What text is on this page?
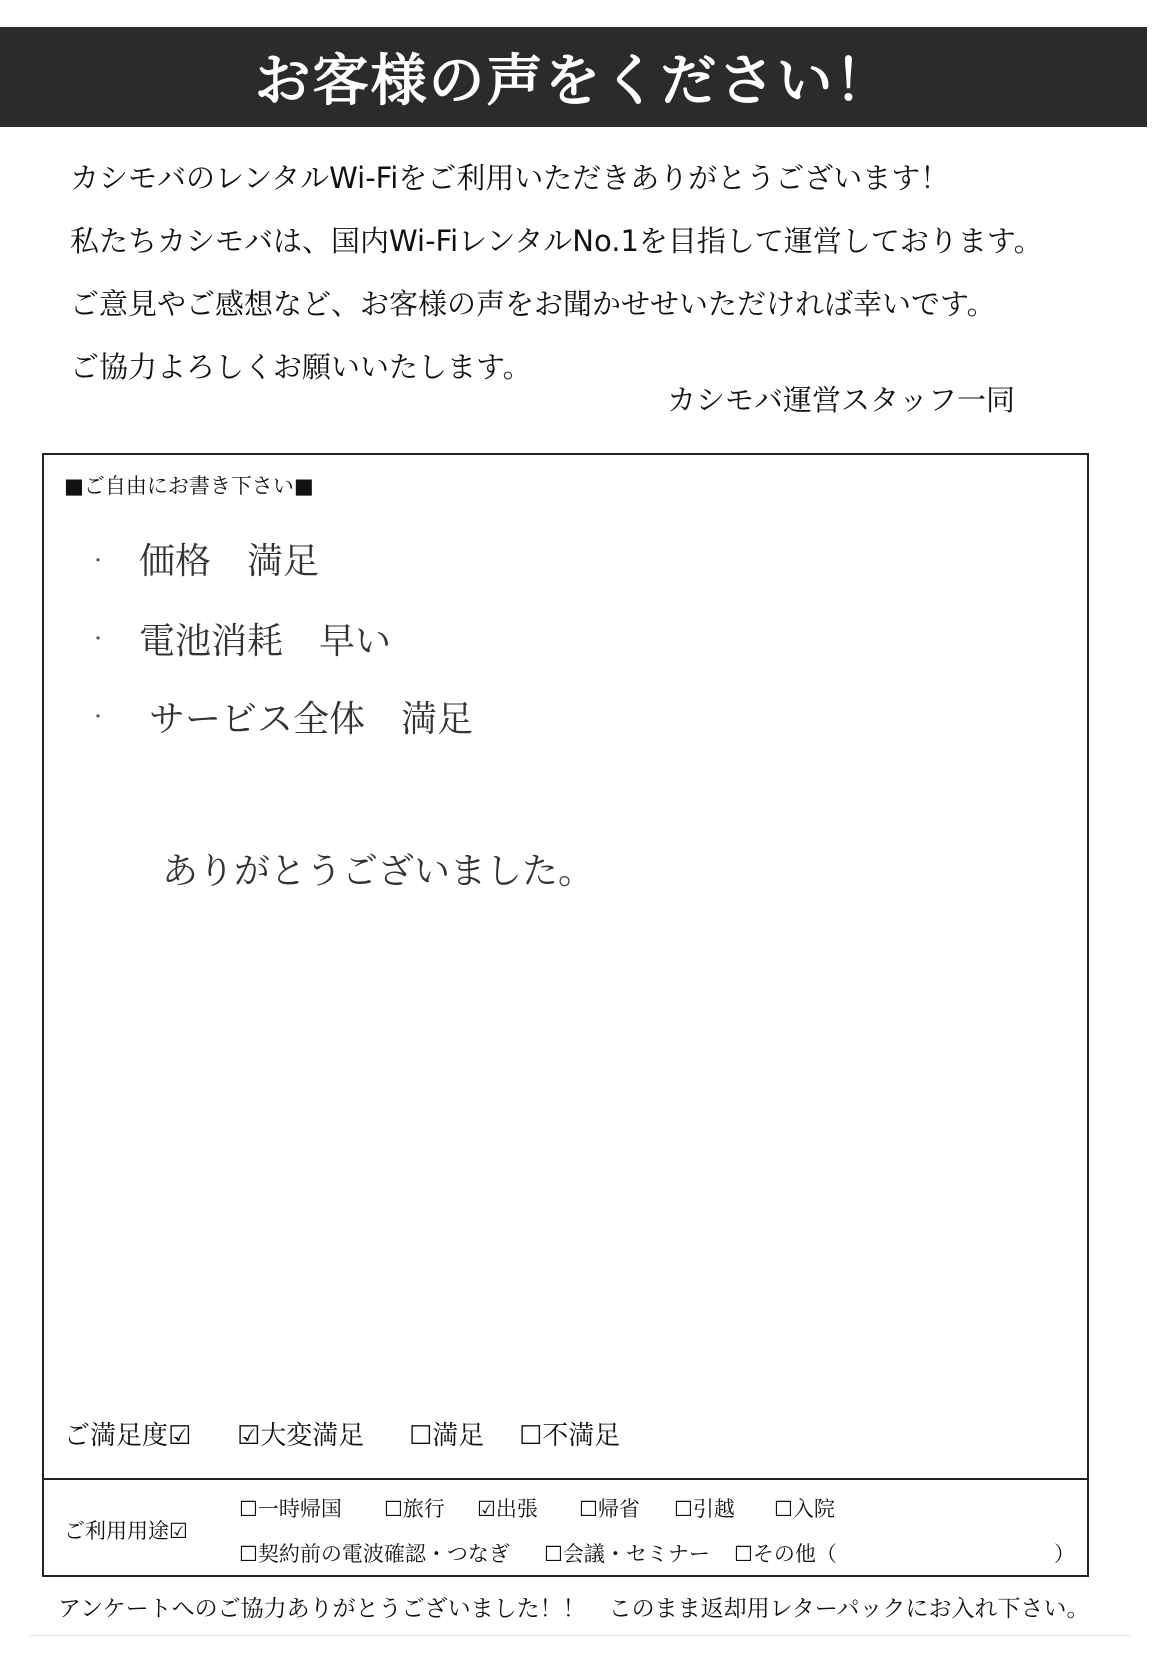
お客様の声をください！
カシモバのレンタルWi-Fiをご利用いただきありがとうございます！
私たちカシモバは、国内Wi-FiレンタルNo.1を目指して運営しております。
ご意見やご感想など、お客様の声をお聞かせせいただければ幸いです。
ご協力よろしくお願いいたします。
カシモバ運営スタッフ一同
■ご自由にお書き下さい■
・ 価格　満足
・ 電池消耗　早い
・ サービス全体　満足
ありがとうございました。
ご満足度☑ ☑大変満足 ☐満足 ☐不満足
ご利用用途☑
☐一時帰国 ☐旅行 ☑出張 ☐帰省 ☐引越 ☐入院
☐契約前の電波確認・つなぎ ☐会議・セミナー ☐その他（	）
アンケートへのご協力ありがとうございました！！　このまま返却用レターパックにお入れ下さい。
